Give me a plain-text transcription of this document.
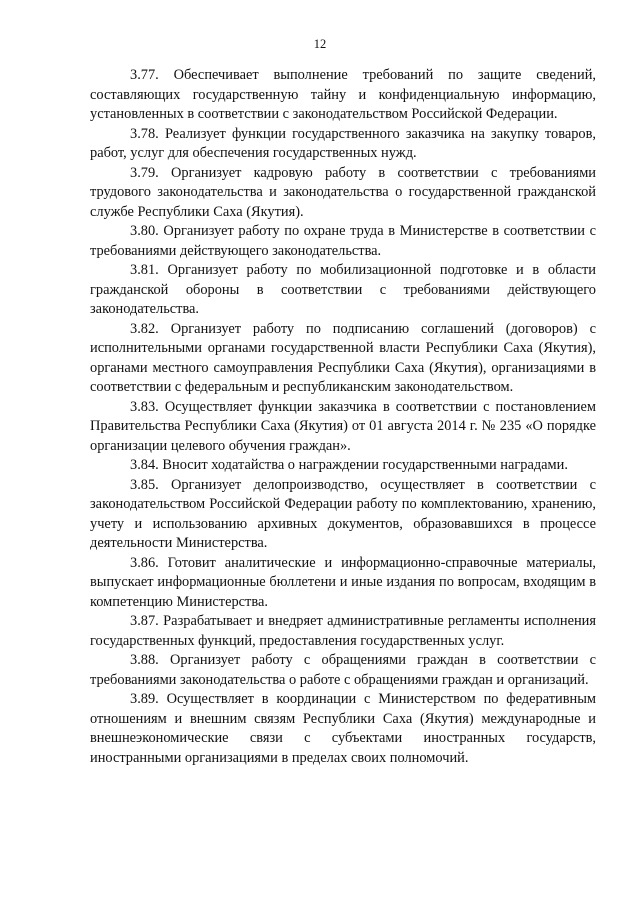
12

3.77. Обеспечивает выполнение требований по защите сведений, составляющих государственную тайну и конфиденциальную информацию, установленных в соответствии с законодательством Российской Федерации.

3.78. Реализует функции государственного заказчика на закупку товаров, работ, услуг для обеспечения государственных нужд.

3.79. Организует кадровую работу в соответствии с требованиями трудового законодательства и законодательства о государственной гражданской службе Республики Саха (Якутия).

3.80. Организует работу по охране труда в Министерстве в соответствии с требованиями действующего законодательства.

3.81. Организует работу по мобилизационной подготовке и в области гражданской обороны в соответствии с требованиями действующего законодательства.

3.82. Организует работу по подписанию соглашений (договоров) с исполнительными органами государственной власти Республики Саха (Якутия), органами местного самоуправления Республики Саха (Якутия), организациями в соответствии с федеральным и республиканским законодательством.

3.83. Осуществляет функции заказчика в соответствии с постановлением Правительства Республики Саха (Якутия) от 01 августа 2014 г. № 235 «О порядке организации целевого обучения граждан».

3.84. Вносит ходатайства о награждении государственными наградами.

3.85. Организует делопроизводство, осуществляет в соответствии с законодательством Российской Федерации работу по комплектованию, хранению, учету и использованию архивных документов, образовавшихся в процессе деятельности Министерства.

3.86. Готовит аналитические и информационно-справочные материалы, выпускает информационные бюллетени и иные издания по вопросам, входящим в компетенцию Министерства.

3.87. Разрабатывает и внедряет административные регламенты исполнения государственных функций, предоставления государственных услуг.

3.88. Организует работу с обращениями граждан в соответствии с требованиями законодательства о работе с обращениями граждан и организаций.

3.89. Осуществляет в координации с Министерством по федеративным отношениям и внешним связям Республики Саха (Якутия) международные и внешнеэкономические связи с субъектами иностранных государств, иностранными организациями в пределах своих полномочий.
